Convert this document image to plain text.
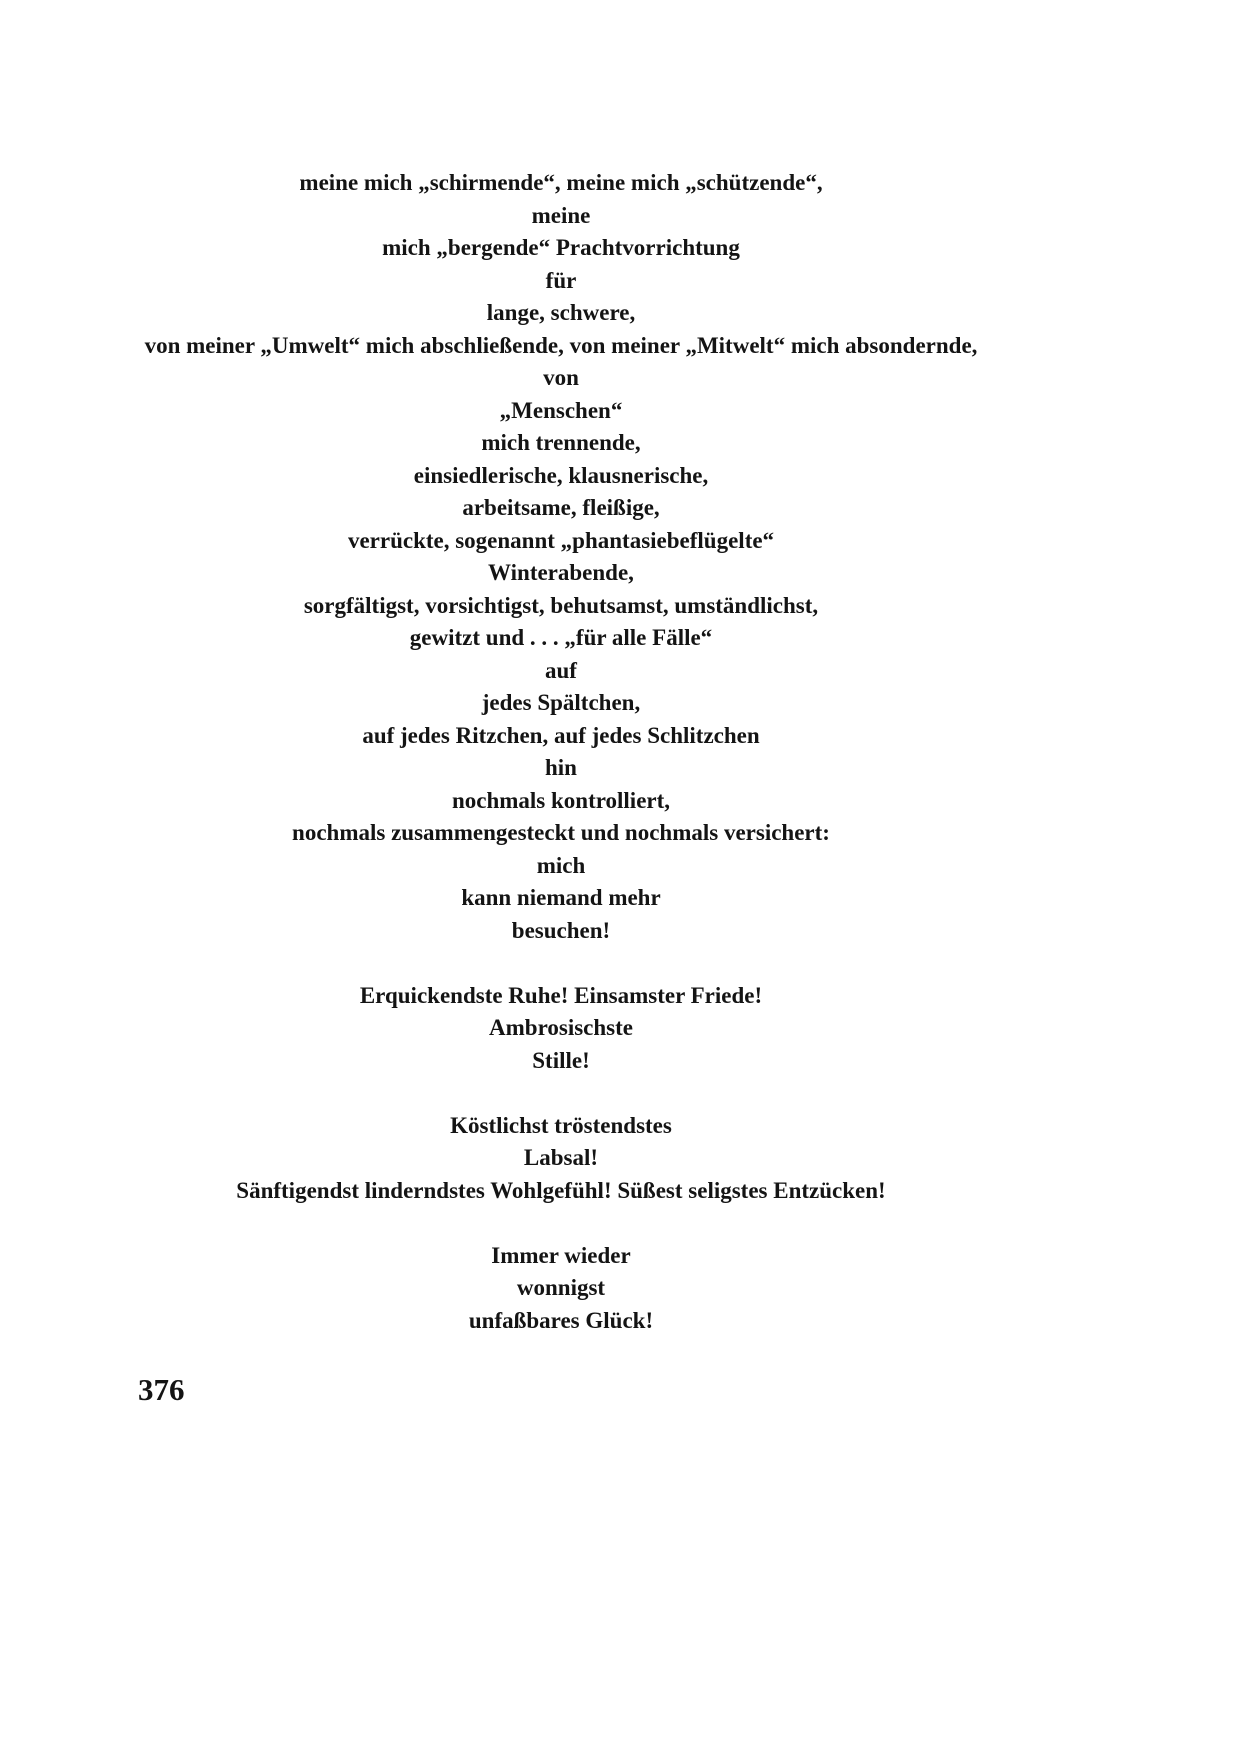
meine mich „schirmende“, meine mich „schützende“,
meine
mich „bergende“ Prachtvorrichtung
für
lange, schwere,
von meiner „Umwelt“ mich abschließende, von meiner „Mitwelt“ mich absondernde,
von
„Menschen“
mich trennende,
einsiedlerische, klausnerische,
arbeitsame, fleißige,
verrückte, sogenannt „phantasiebeflügelte“
Winterabende,
sorgfältigst, vorsichtigst, behutsamst, umständlichst,
gewitzt und . . . „für alle Fälle“
auf
jedes Spältchen,
auf jedes Ritzchen, auf jedes Schlitzchen
hin
nochmals kontrolliert,
nochmals zusammengesteckt und nochmals versichert:
mich
kann niemand mehr
besuchen!
Erquickendste Ruhe! Einsamster Friede!
Ambrosischste
Stille!
Köstlichst tröstendstes
Labsal!
Sänftigendst linderndstes Wohlgefühl! Süßest seligstes Entzücken!
Immer wieder
wonnigst
unfaßbares Glück!
376
